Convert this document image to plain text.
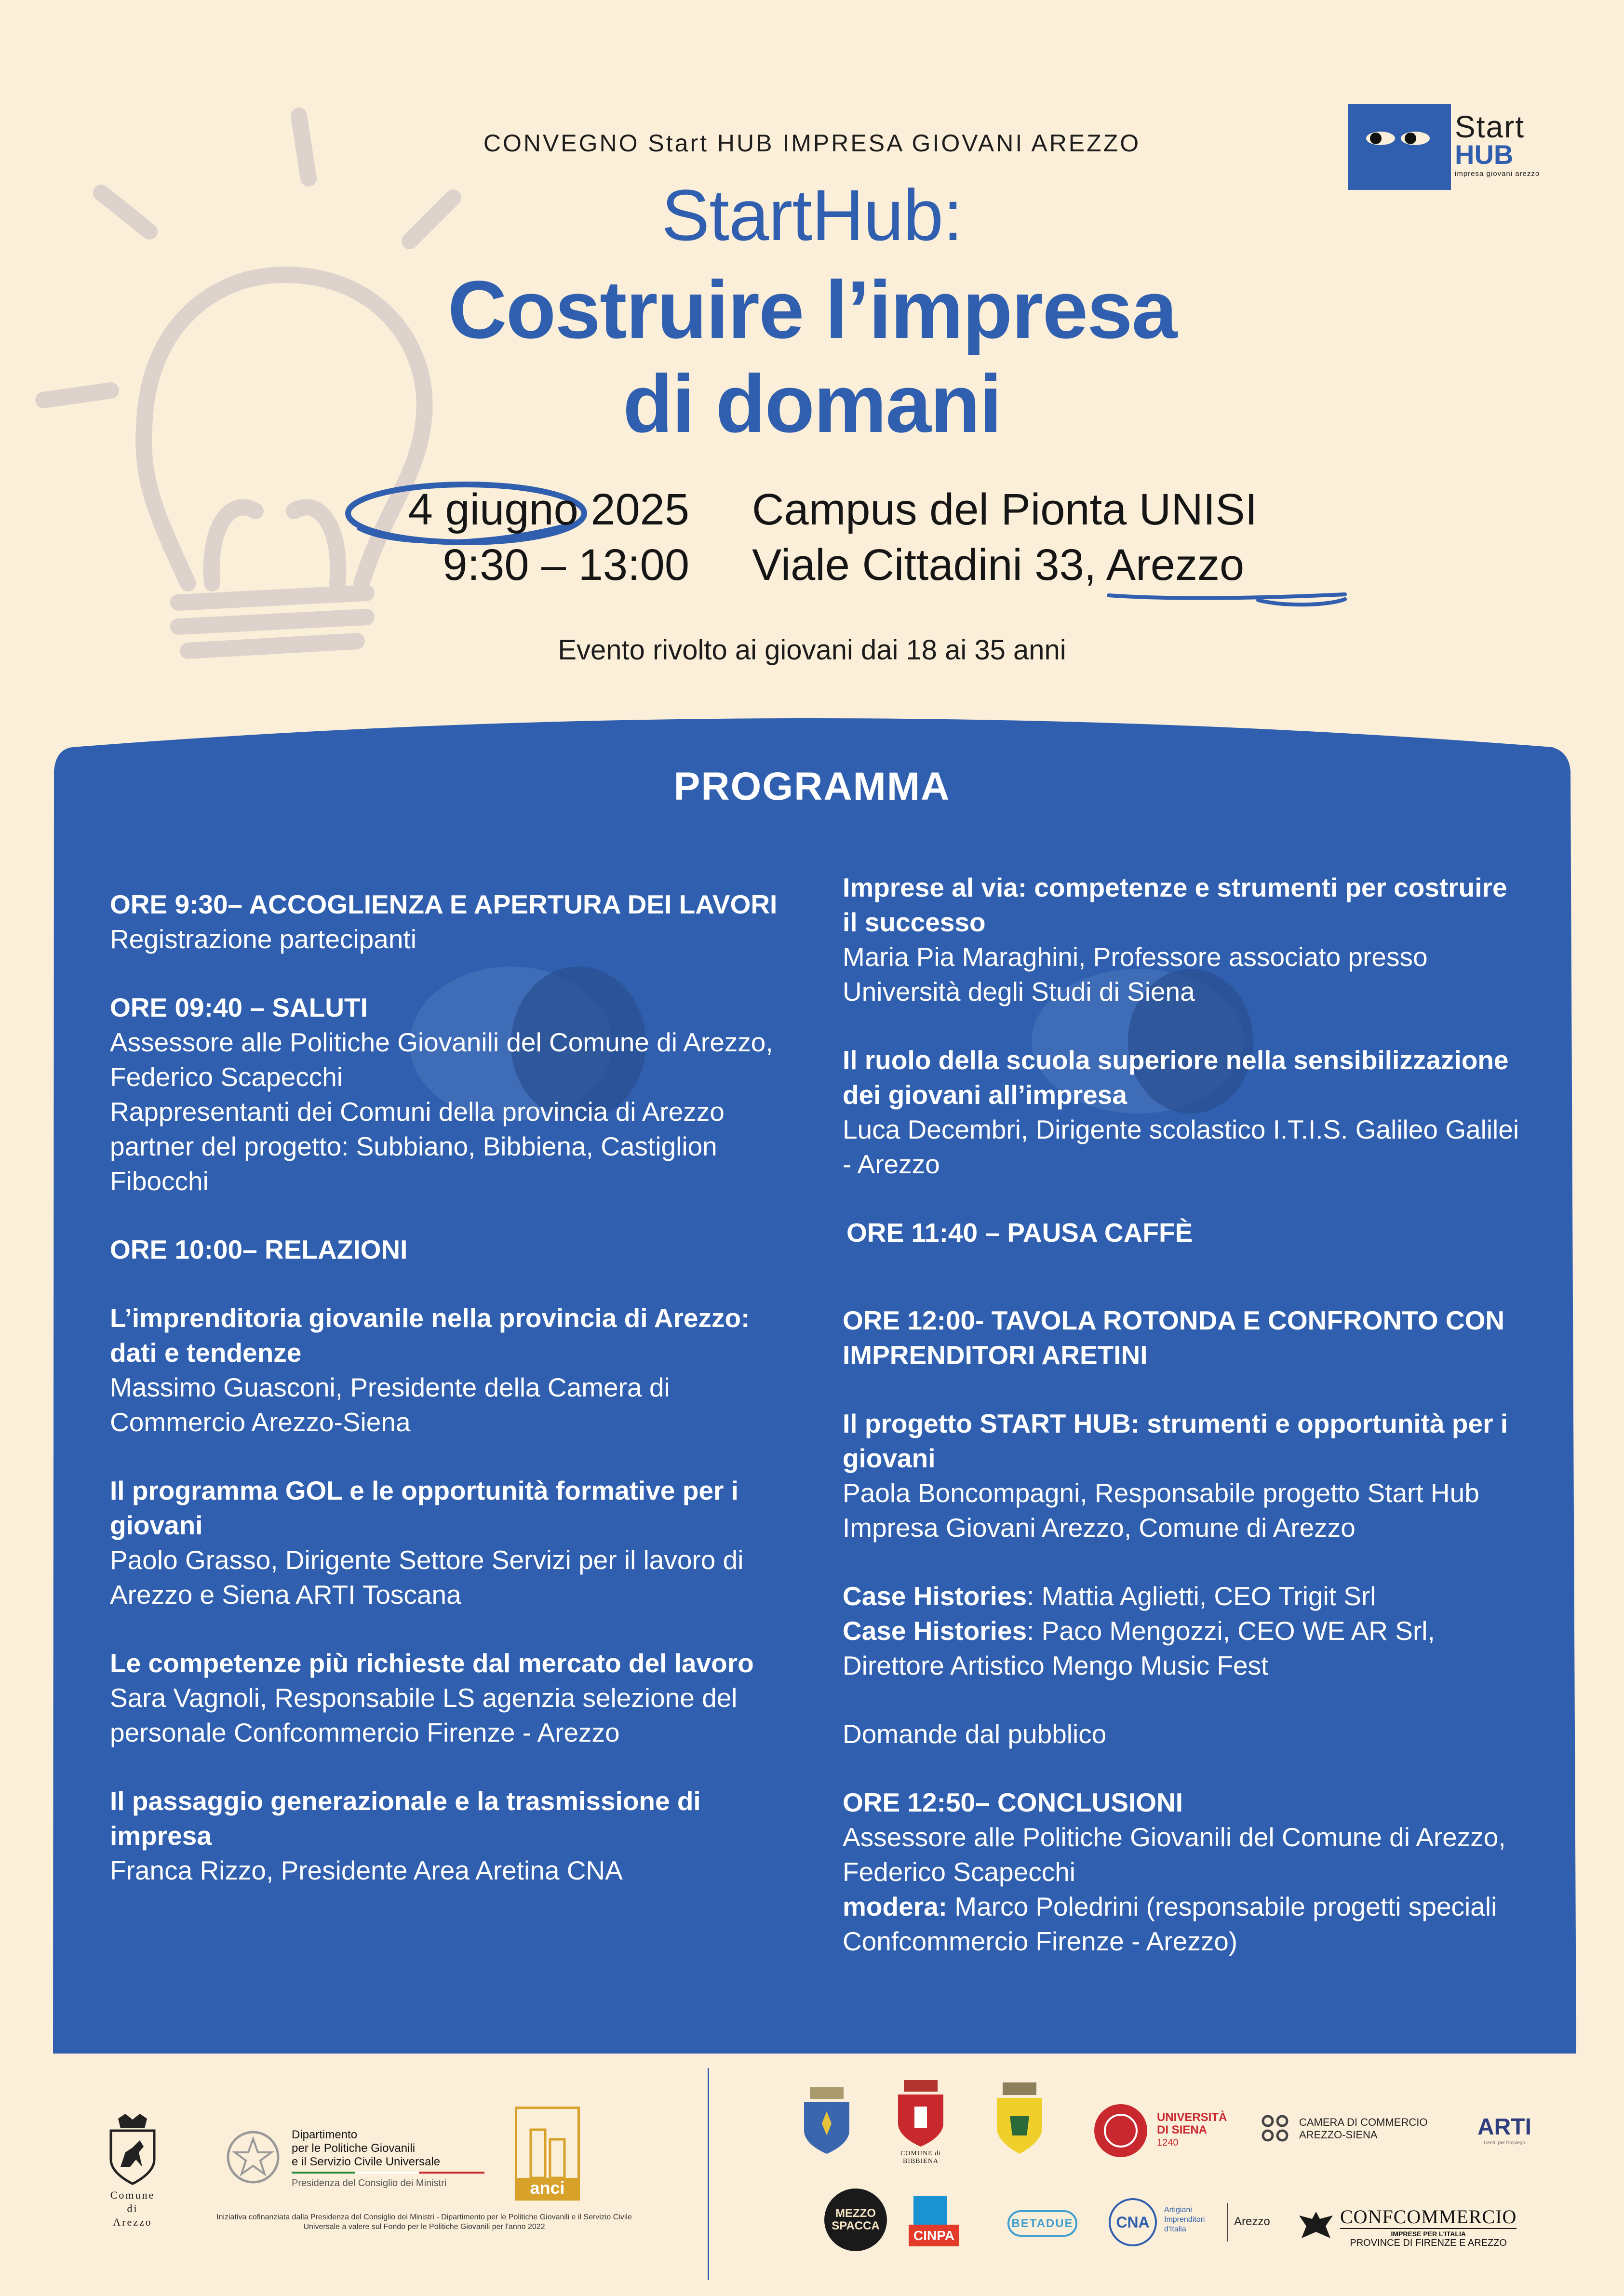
CONVEGNO Start HUB IMPRESA GIOVANI AREZZO
StartHub:
Costruire l’impresa
di domani
4 giugno 2025
9:30 – 13:00
Campus del Pionta UNISI
Viale Cittadini 33, Arezzo
Evento rivolto ai giovani dai 18 ai 35 anni
Start
HUB
impresa giovani arezzo
PROGRAMMA
ORE 9:30– ACCOGLIENZA E APERTURA DEI LAVORI
Registrazione partecipanti
ORE 09:40 – SALUTI
Assessore alle Politiche Giovanili del Comune di Arezzo, Federico Scapecchi
Rappresentanti dei Comuni della provincia di Arezzo partner del progetto: Subbiano, Bibbiena, Castiglion Fibocchi
ORE 10:00– RELAZIONI
L’imprenditoria giovanile nella provincia di Arezzo: dati e tendenze
Massimo Guasconi, Presidente della Camera di Commercio Arezzo-Siena
Il programma GOL e le opportunità formative per i giovani
Paolo Grasso, Dirigente Settore Servizi per il lavoro di Arezzo e Siena ARTI Toscana
Le competenze più richieste dal mercato del lavoro
Sara Vagnoli, Responsabile LS agenzia selezione del personale Confcommercio Firenze - Arezzo
Il passaggio generazionale e la trasmissione di impresa
Franca Rizzo, Presidente Area Aretina CNA
Imprese al via: competenze e strumenti per costruire il successo
Maria Pia Maraghini, Professore associato presso Università degli Studi di Siena
Il ruolo della scuola superiore nella sensibilizzazione dei giovani all’impresa
Luca Decembri, Dirigente scolastico I.T.I.S. Galileo Galilei - Arezzo
ORE 11:40 – PAUSA CAFFÈ
ORE 12:00- TAVOLA ROTONDA E CONFRONTO CON IMPRENDITORI ARETINI
Il progetto START HUB: strumenti e opportunità per i giovani
Paola Boncompagni, Responsabile progetto Start Hub Impresa Giovani Arezzo, Comune di Arezzo
Case Histories: Mattia Aglietti, CEO Trigit Srl
Case Histories: Paco Mengozzi, CEO WE AR Srl, Direttore Artistico Mengo Music Fest
Domande dal pubblico
ORE 12:50– CONCLUSIONI
Assessore alle Politiche Giovanili del Comune di Arezzo, Federico Scapecchi
modera: Marco Poledrini (responsabile progetti speciali Confcommercio Firenze - Arezzo)
Comune
di
Arezzo
Dipartimento
per le Politiche Giovanili
e il Servizio Civile Universale
Presidenza del Consiglio dei Ministri	anci
Iniziativa cofinanziata dalla Presidenza del Consiglio dei Ministri - Dipartimento per le Politiche Giovanili e il Servizio Civile Universale a valere sul Fondo per le Politiche Giovanili per l'anno 2022
COMUNE di BIBBIENA
UNIVERSITÀ
DI SIENA
1240
CAMERA DI COMMERCIO
AREZZO-SIENA	ARTI
Centri per l'impiego
MEZZO
SPACCA
CINPA
BETADUE	CNA
Artigiani
Imprenditori
d'Italia
Arezzo	CONFCOMMERCIO
IMPRESE PER L'ITALIA
PROVINCE DI FIRENZE E AREZZO
